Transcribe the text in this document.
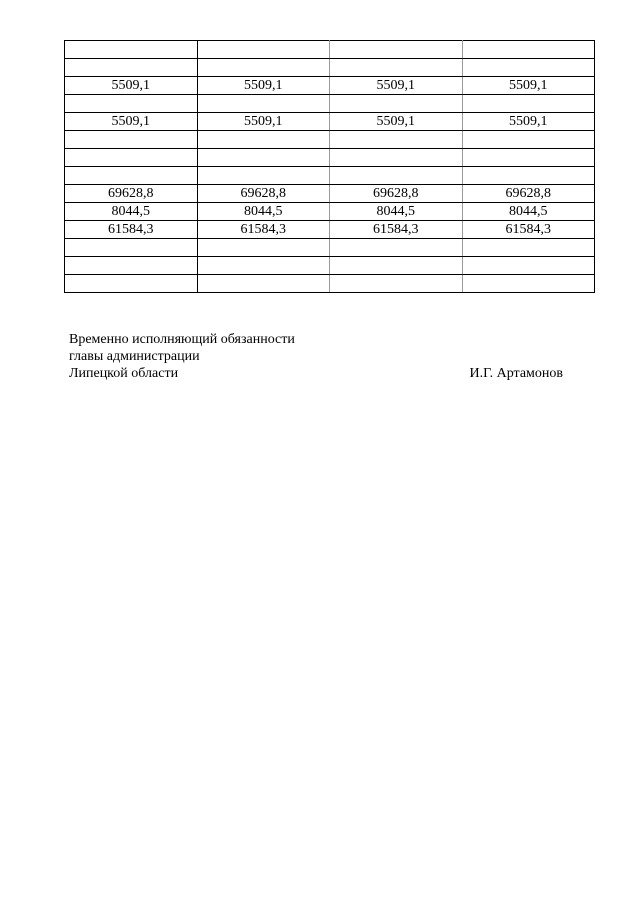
5509,1	5509,1	5509,1	5509,1

5509,1	5509,1	5509,1	5509,1

69628,8	69628,8	69628,8	69628,8
8044,5	8044,5	8044,5	8044,5
61584,3	61584,3	61584,3	61584,3

Временно исполняющий обязанности
главы администрации
Липецкой области	И.Г. Артамонов
